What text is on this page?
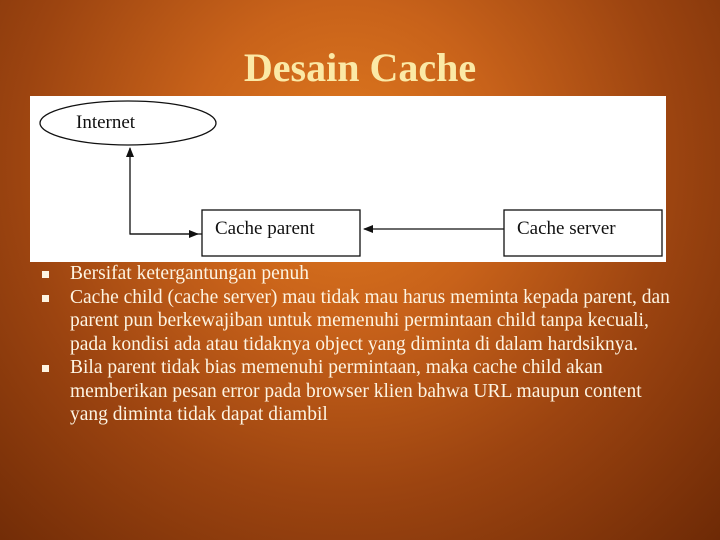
Desain Cache
Internet
Cache parent	Cache server
Bersifat ketergantungan penuh
Cache child (cache server) mau tidak mau harus meminta kepada parent, dan parent pun berkewajiban untuk memenuhi permintaan child tanpa kecuali, pada kondisi ada atau tidaknya object yang diminta di dalam hardsiknya.
Bila parent tidak bias memenuhi permintaan, maka cache child akan memberikan pesan error pada browser klien bahwa URL maupun content yang diminta tidak dapat diambil
